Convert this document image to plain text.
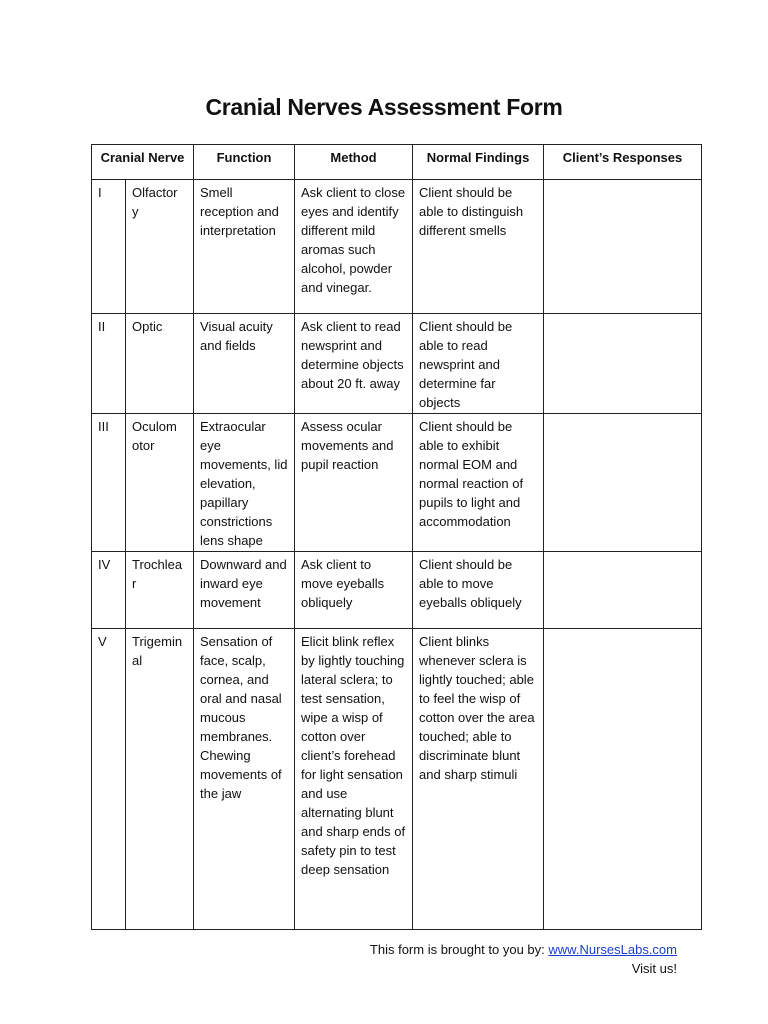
Cranial Nerves Assessment Form
Cranial Nerve		Function	Method	Normal Findings	Client’s Responses
I	Olfactor y	Smell reception and interpretation	Ask client to close eyes and identify different mild aromas such alcohol, powder and vinegar.	Client should be able to distinguish different smells	
II	Optic	Visual acuity and fields	Ask client to read newsprint and determine objects about 20 ft. away	Client should be able to read newsprint and determine far objects	
III	Oculom otor	Extraocular eye movements, lid elevation, papillary constrictions lens shape	Assess ocular movements and pupil reaction	Client should be able to exhibit normal EOM and normal reaction of pupils to light and accommodation	
IV	Trochlea r	Downward and inward eye movement	Ask client to move eyeballs obliquely	Client should be able to move eyeballs obliquely	
V	Trigemin al	Sensation of face, scalp, cornea, and oral and nasal mucous membranes. Chewing movements of the jaw	Elicit blink reflex by lightly touching lateral sclera; to test sensation, wipe a wisp of cotton over client’s forehead for light sensation and use alternating blunt and sharp ends of safety pin to test deep sensation	Client blinks whenever sclera is lightly touched; able to feel the wisp of cotton over the area touched; able to discriminate blunt and sharp stimuli	
This form is brought to you by: www.NursesLabs.com
Visit us!
